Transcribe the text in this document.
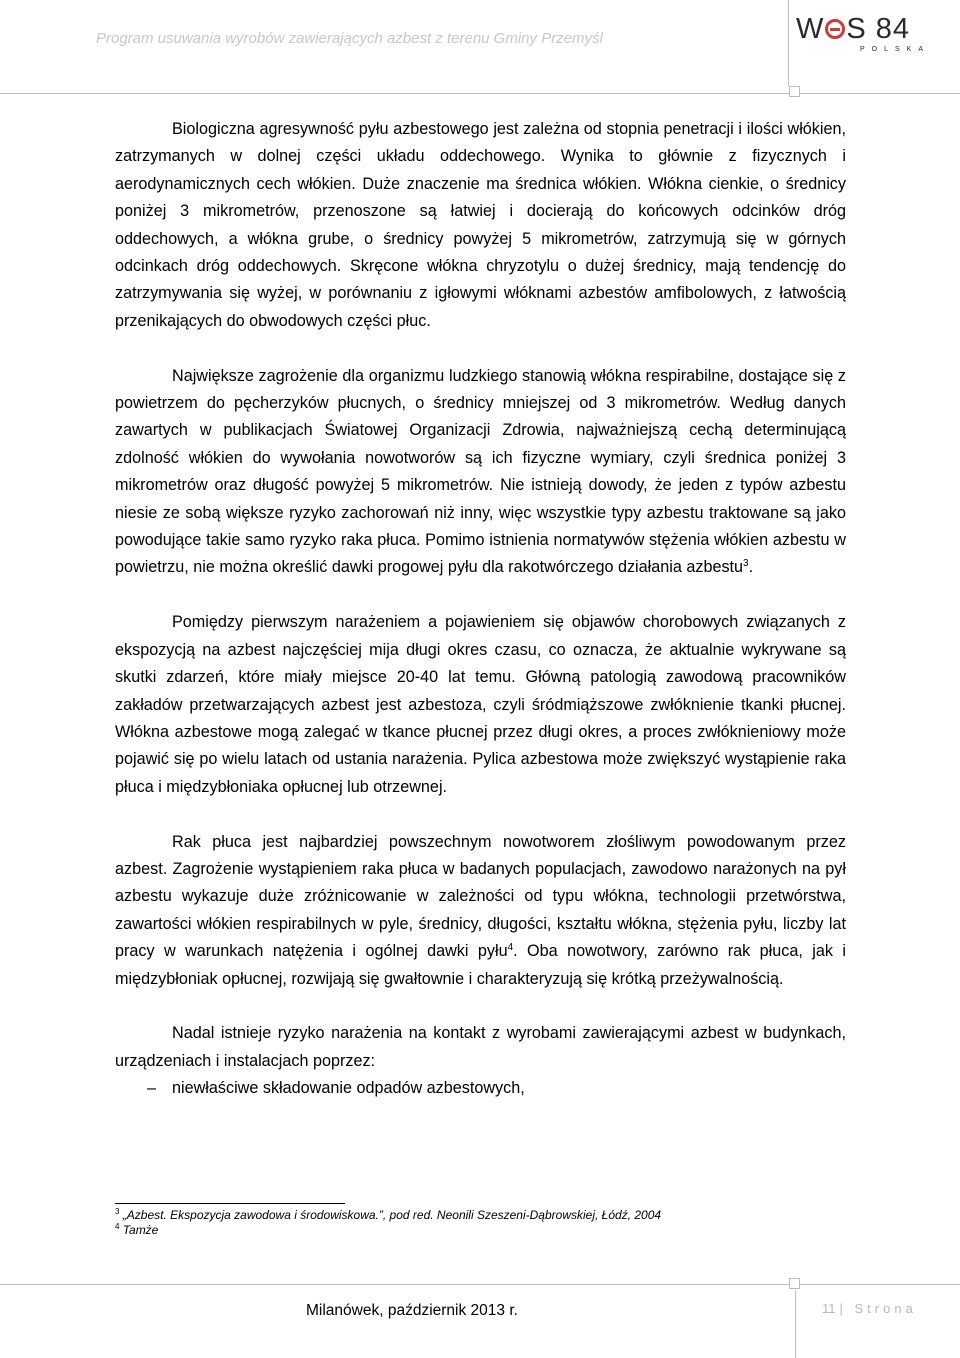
Program usuwania wyrobów zawierających azbest z terenu Gminy Przemyśl	W S 84
POLSKA

Biologiczna agresywność pyłu azbestowego jest zależna od stopnia penetracji i ilości włókien, zatrzymanych w dolnej części układu oddechowego. Wynika to głównie z fizycznych i aerodynamicznych cech włókien. Duże znaczenie ma średnica włókien. Włókna cienkie, o średnicy poniżej 3 mikrometrów, przenoszone są łatwiej i docierają do końcowych odcinków dróg oddechowych, a włókna grube, o średnicy powyżej 5 mikrometrów, zatrzymują się w górnych odcinkach dróg oddechowych. Skręcone włókna chryzotylu o dużej średnicy, mają tendencję do zatrzymywania się wyżej, w porównaniu z igłowymi włóknami azbestów amfibolowych, z łatwością przenikających do obwodowych części płuc.

Największe zagrożenie dla organizmu ludzkiego stanowią włókna respirabilne, dostające się z powietrzem do pęcherzyków płucnych, o średnicy mniejszej od 3 mikrometrów. Według danych zawartych w publikacjach Światowej Organizacji Zdrowia, najważniejszą cechą determinującą zdolność włókien do wywołania nowotworów są ich fizyczne wymiary, czyli średnica poniżej 3 mikrometrów oraz długość powyżej 5 mikrometrów. Nie istnieją dowody, że jeden z typów azbestu niesie ze sobą większe ryzyko zachorowań niż inny, więc wszystkie typy azbestu traktowane są jako powodujące takie samo ryzyko raka płuca. Pomimo istnienia normatywów stężenia włókien azbestu w powietrzu, nie można określić dawki progowej pyłu dla rakotwórczego działania azbestu$^3$.

Pomiędzy pierwszym narażeniem a pojawieniem się objawów chorobowych związanych z ekspozycją na azbest najczęściej mija długi okres czasu, co oznacza, że aktualnie wykrywane są skutki zdarzeń, które miały miejsce 20-40 lat temu. Główną patologią zawodową pracowników zakładów przetwarzających azbest jest azbestoza, czyli śródmiąższowe zwłóknienie tkanki płucnej. Włókna azbestowe mogą zalegać w tkance płucnej przez długi okres, a proces zwłóknieniowy może pojawić się po wielu latach od ustania narażenia. Pylica azbestowa może zwiększyć wystąpienie raka płuca i międzybłoniaka opłucnej lub otrzewnej.

Rak płuca jest najbardziej powszechnym nowotworem złośliwym powodowanym przez azbest. Zagrożenie wystąpieniem raka płuca w badanych populacjach, zawodowo narażonych na pył azbestu wykazuje duże zróżnicowanie w zależności od typu włókna, technologii przetwórstwa, zawartości włókien respirabilnych w pyle, średnicy, długości, kształtu włókna, stężenia pyłu, liczby lat pracy w warunkach natężenia i ogólnej dawki pyłu$^4$. Oba nowotwory, zarówno rak płuca, jak i międzybłoniak opłucnej, rozwijają się gwałtownie i charakteryzują się krótką przeżywalnością.

Nadal istnieje ryzyko narażenia na kontakt z wyrobami zawierającymi azbest w budynkach, urządzeniach i instalacjach poprzez:

– niewłaściwe składowanie odpadów azbestowych,
$^3$ „Azbest. Ekspozycja zawodowa i środowiskowa.”, pod red. Neonili Szeszeni-Dąbrowskiej, Łódź, 2004
$^4$ Tamże
Milanówek, październik 2013 r.	11 | Strona
